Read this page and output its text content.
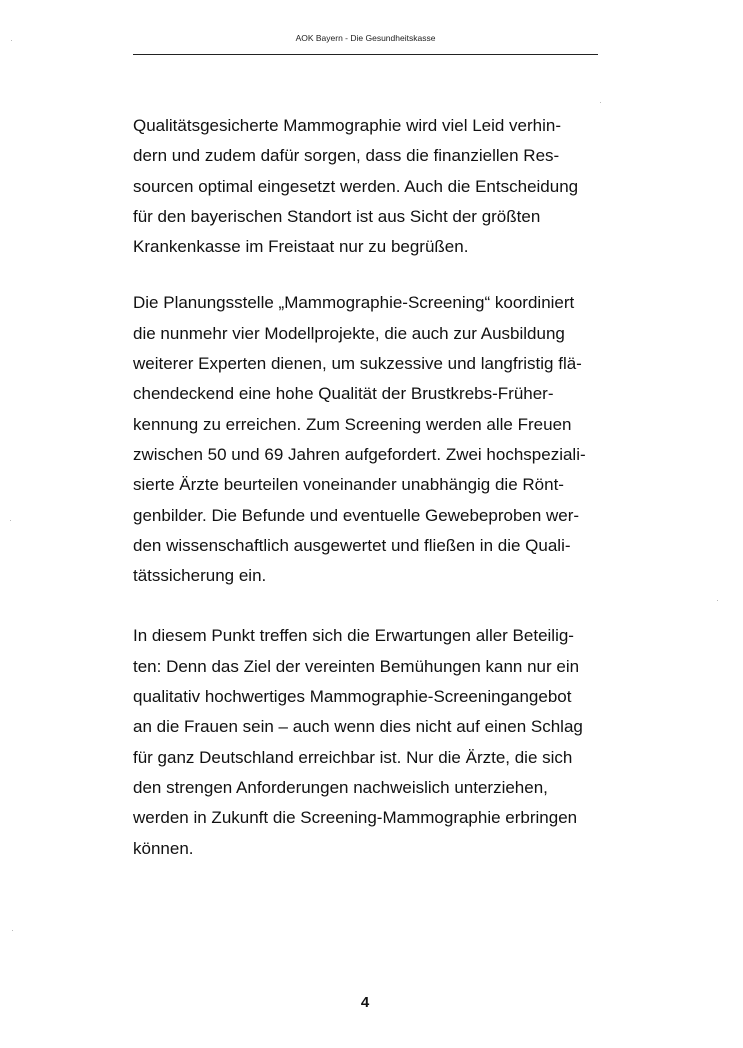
AOK Bayern - Die Gesundheitskasse
Qualitätsgesicherte Mammographie wird viel Leid verhin-
dern und zudem dafür sorgen, dass die finanziellen Res-
sourcen optimal eingesetzt werden. Auch die Entscheidung
für den bayerischen Standort ist aus Sicht der größten
Krankenkasse im Freistaat nur zu begrüßen.
Die Planungsstelle „Mammographie-Screening“ koordiniert
die nunmehr vier Modellprojekte, die auch zur Ausbildung
weiterer Experten dienen, um sukzessive und langfristig flä-
chendeckend eine hohe Qualität der Brustkrebs-Früher-
kennung zu erreichen. Zum Screening werden alle Freuen
zwischen 50 und 69 Jahren aufgefordert. Zwei hochspeziali-
sierte Ärzte beurteilen voneinander unabhängig die Rönt-
genbilder. Die Befunde und eventuelle Gewebeproben wer-
den wissenschaftlich ausgewertet und fließen in die Quali-
tätssicherung ein.
In diesem Punkt treffen sich die Erwartungen aller Beteilig-
ten: Denn das Ziel der vereinten Bemühungen kann nur ein
qualitativ hochwertiges Mammographie-Screeningangebot
an die Frauen sein – auch wenn dies nicht auf einen Schlag
für ganz Deutschland erreichbar ist. Nur die Ärzte, die sich
den strengen Anforderungen nachweislich unterziehen,
werden in Zukunft die Screening-Mammographie erbringen
können.
4
